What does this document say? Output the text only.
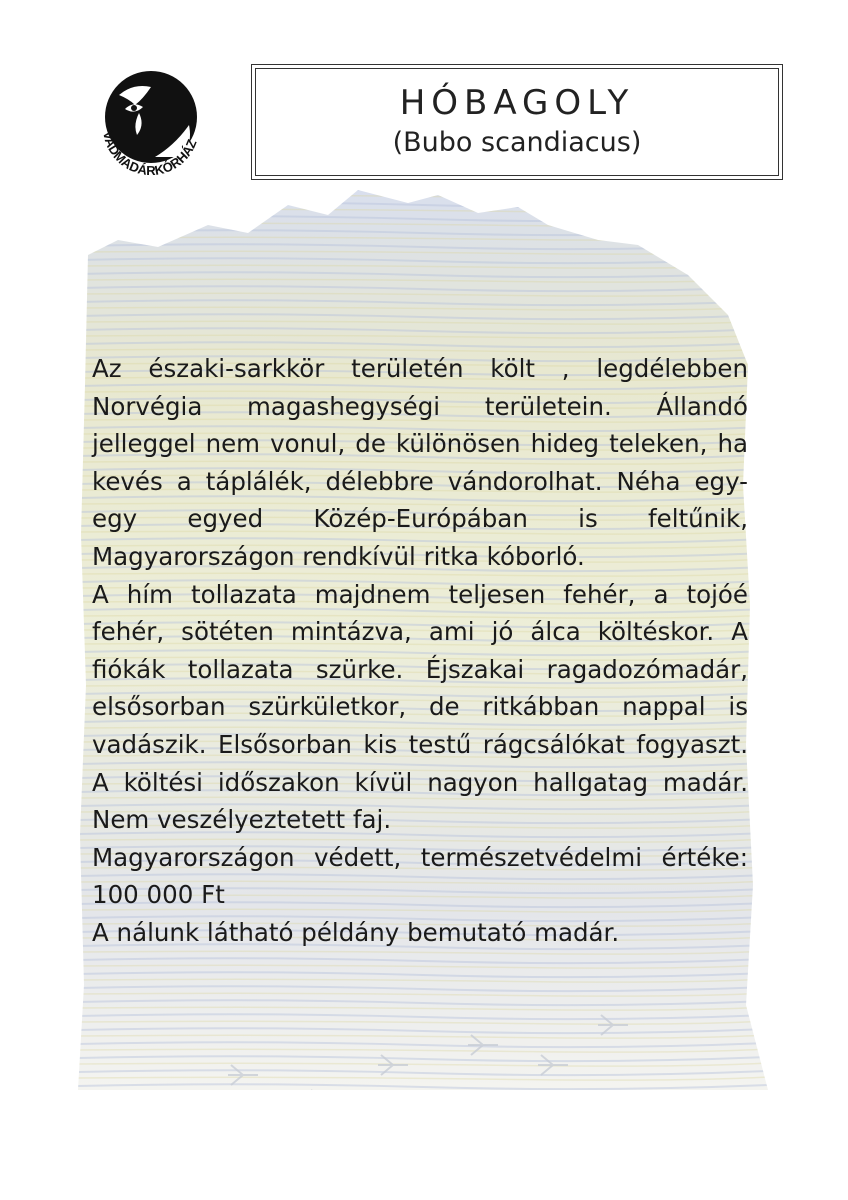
VADMADÁRKÓRHÁZ
HÓBAGOLY
(Bubo scandiacus)

Az északi-sarkkör területén költ , legdélebben Norvégia magashegységi területein. Állandó jelleggel nem vonul, de különösen hideg teleken, ha kevés a táplálék, délebbre vándorolhat. Néha egy-egy egyed Közép-Európában is feltűnik, Magyarországon rendkívül ritka kóborló.

A hím tollazata majdnem teljesen fehér, a tojóé fehér, sötéten mintázva, ami jó álca költéskor. A fiókák tollazata szürke. Éjszakai ragadozómadár, elsősorban szürkületkor, de ritkábban nappal is vadászik. Elsősorban kis testű rágcsálókat fogyaszt. A költési időszakon kívül nagyon hallgatag madár. Nem veszélyeztetett faj.

Magyarországon védett, természetvédelmi értéke: 100 000 Ft

A nálunk látható példány bemutató madár.
